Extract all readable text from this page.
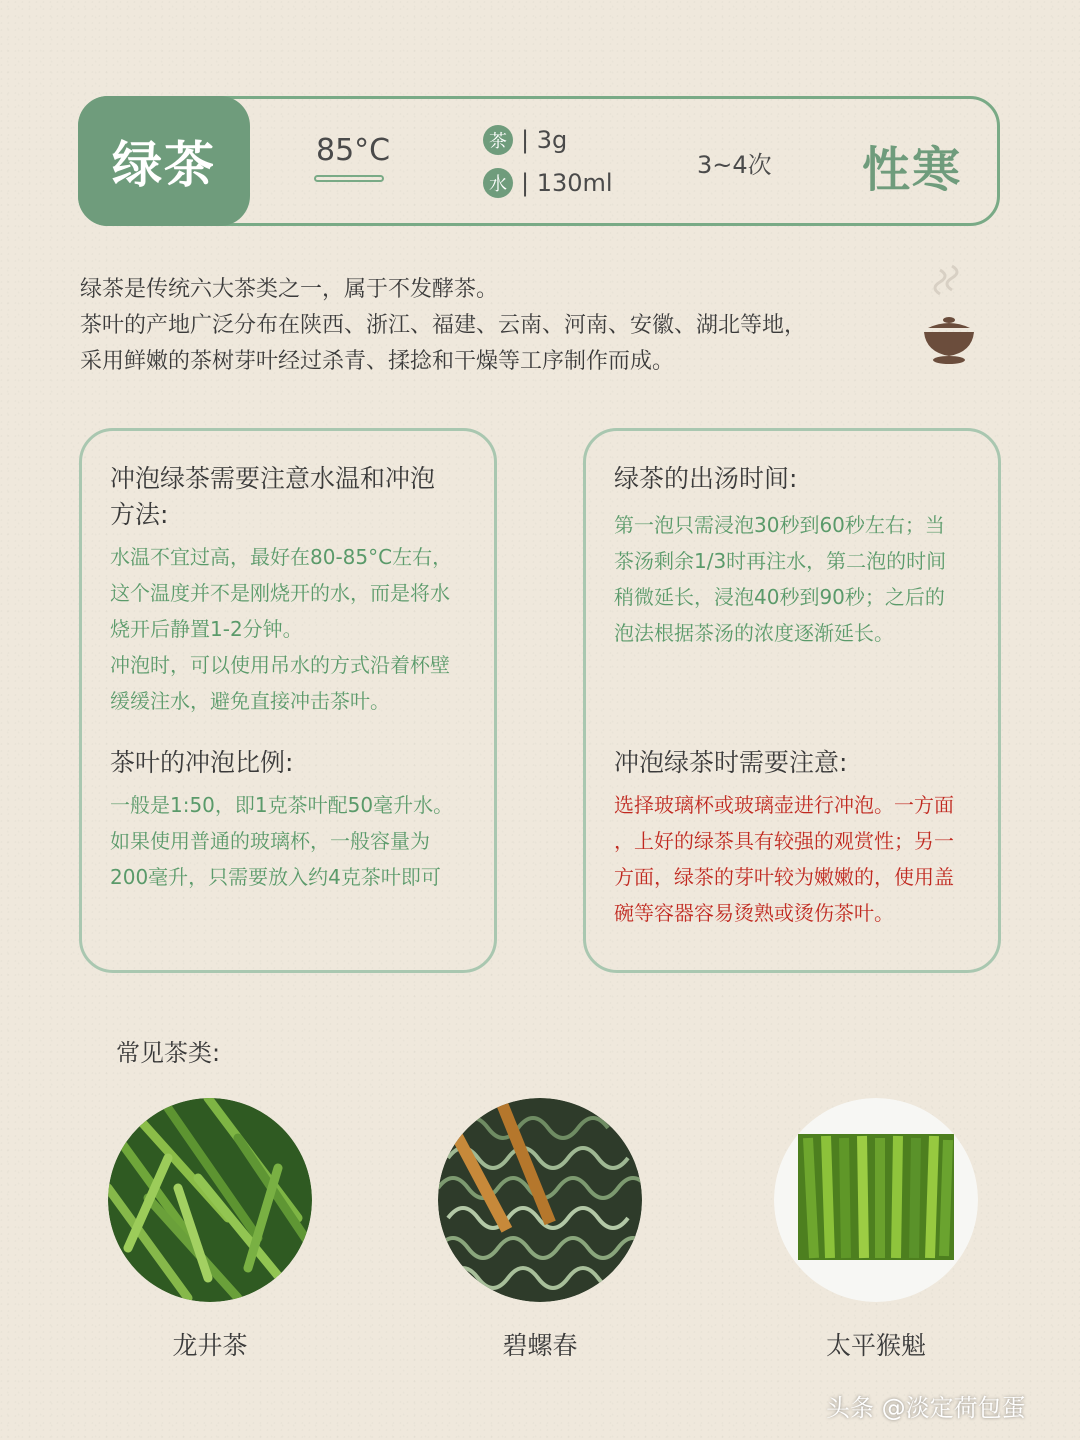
绿茶	85°C	茶 | 3g
水 | 130ml
3~4次 性寒
绿茶是传统六大茶类之一，属于不发酵茶。
茶叶的产地广泛分布在陕西、浙江、福建、云南、河南、安徽、湖北等地，
采用鲜嫩的茶树芽叶经过杀青、揉捻和干燥等工序制作而成。
冲泡绿茶需要注意水温和冲泡
方法:
水温不宜过高，最好在80-85°C左右，
这个温度并不是刚烧开的水，而是将水
烧开后静置1-2分钟。
冲泡时，可以使用吊水的方式沿着杯壁
缓缓注水，避免直接冲击茶叶。
茶叶的冲泡比例:
一般是1:50，即1克茶叶配50毫升水。
如果使用普通的玻璃杯，一般容量为
200毫升，只需要放入约4克茶叶即可
绿茶的出汤时间:
第一泡只需浸泡30秒到60秒左右；当
茶汤剩余1/3时再注水，第二泡的时间
稍微延长，浸泡40秒到90秒；之后的
泡法根据茶汤的浓度逐渐延长。
冲泡绿茶时需要注意:
选择玻璃杯或玻璃壶进行冲泡。一方面
，上好的绿茶具有较强的观赏性；另一
方面，绿茶的芽叶较为嫩嫩的，使用盖
碗等容器容易烫熟或烫伤茶叶。
常见茶类:
龙井茶	碧螺春	太平猴魁
头条 @淡定荷包蛋
